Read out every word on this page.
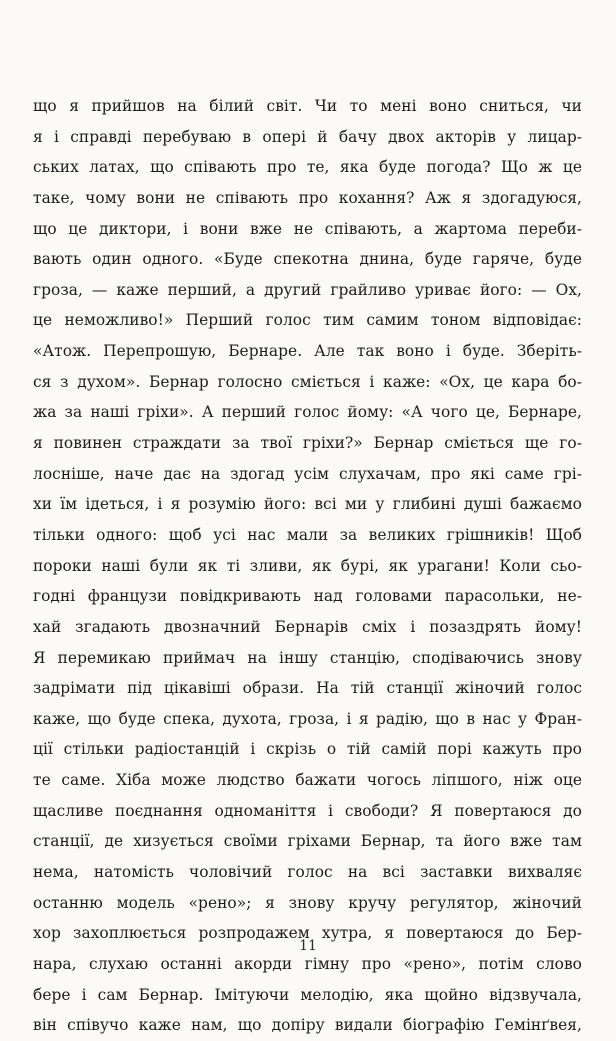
що я прийшов на білий світ. Чи то мені воно сниться, чи
я і справді перебуваю в опері й бачу двох акторів у лицар-
ських латах, що співають про те, яка буде погода? Що ж це
таке, чому вони не співають про кохання? Аж я здогадуюся,
що це диктори, і вони вже не співають, а жартома переби-
вають один одного. «Буде спекотна днина, буде гаряче, буде
гроза, — каже перший, а другий грайливо уриває його: — Ох,
це неможливо!» Перший голос тим самим тоном відповідає:
«Атож. Перепрошую, Бернаре. Але так воно і буде. Зберіть-
ся з духом». Бернар голосно сміється і каже: «Ох, це кара бо-
жа за наші гріхи». А перший голос йому: «А чого це, Бернаре,
я повинен страждати за твої гріхи?» Бернар сміється ще го-
лосніше, наче дає на здогад усім слухачам, про які саме грі-
хи їм ідеться, і я розумію його: всі ми у глибині душі бажаємо
тільки одного: щоб усі нас мали за великих грішників! Щоб
пороки наші були як ті зливи, як бурі, як урагани! Коли сьо-
годні французи повідкривають над головами парасольки, не-
хай згадають двозначний Бернарів сміх і позаздрять йому!
Я перемикаю приймач на іншу станцію, сподіваючись знову
задрімати під цікавіші образи. На тій станції жіночий голос
каже, що буде спека, духота, гроза, і я радію, що в нас у Фран-
ції стільки радіостанцій і скрізь о тій самій порі кажуть про
те саме. Хіба може людство бажати чогось ліпшого, ніж оце
щасливе поєднання одноманіття і свободи? Я повертаюся до
станції, де хизується своїми гріхами Бернар, та його вже там
нема, натомість чоловічий голос на всі заставки вихваляє
останню модель «рено»; я знову кручу регулятор, жіночий
хор захоплюється розпродажем хутра, я повертаюся до Бер-
нара, слухаю останні акорди гімну про «рено», потім слово
бере і сам Бернар. Імітуючи мелодію, яка щойно відзвучала,
він співучо каже нам, що допіру видали біографію Гемінґвея,
11
